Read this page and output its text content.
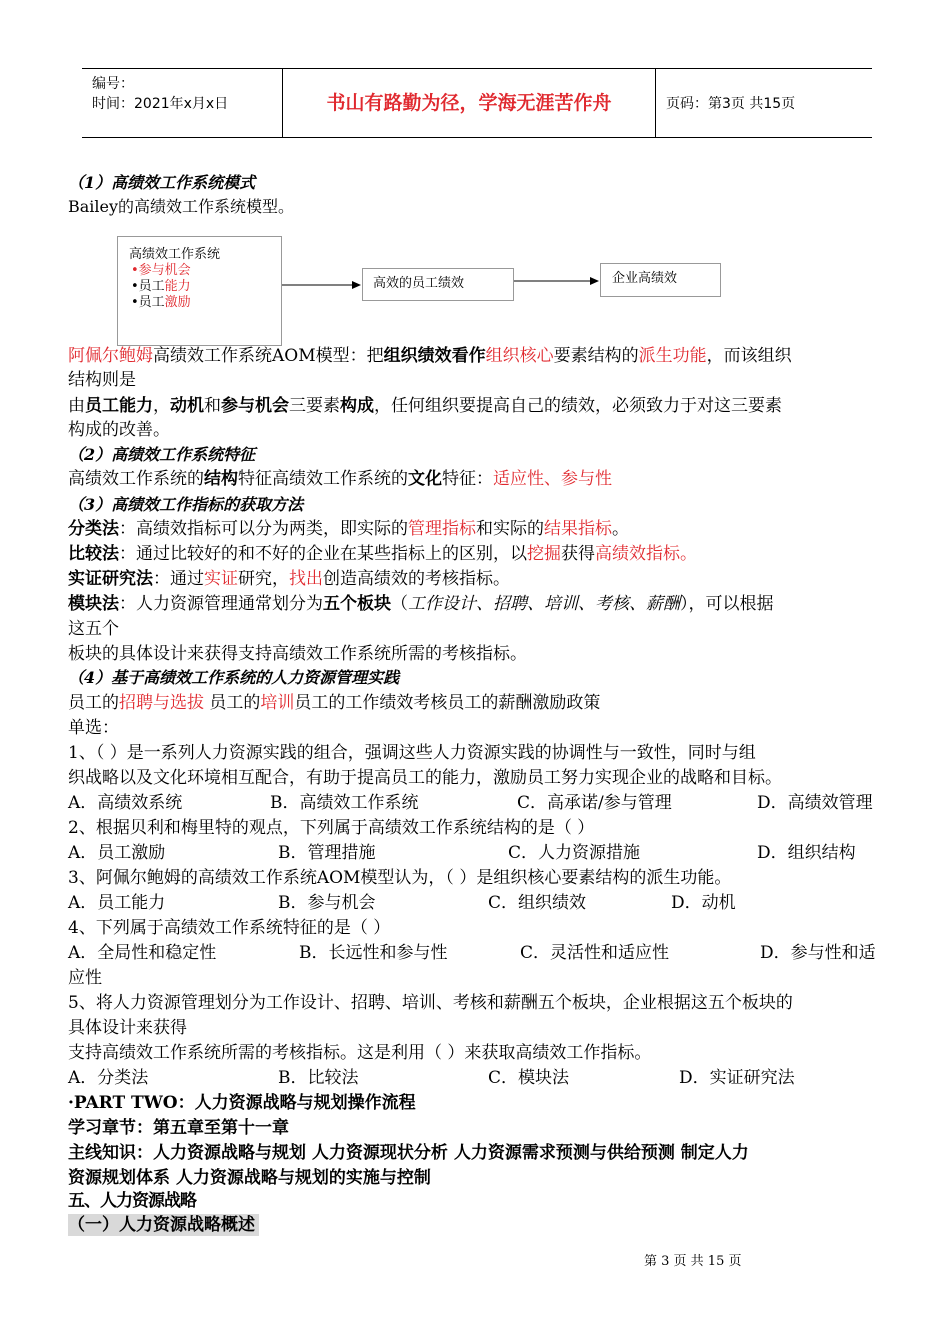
编号：
时间：2021年x月x日	书山有路勤为径，学海无涯苦作舟	页码：第3页 共15页
（1）高绩效工作系统模式
Bailey的高绩效工作系统模型。
高绩效工作系统
•参与机会
•员工能力
•员工激励
高效的员工绩效	企业高绩效
阿佩尔鲍姆高绩效工作系统AOM模型：把组织绩效看作组织核心要素结构的派生功能，而该组织
结构则是
由员工能力，动机和参与机会三要素构成，任何组织要提高自己的绩效，必须致力于对这三要素
构成的改善。
（2）高绩效工作系统特征
高绩效工作系统的结构特征高绩效工作系统的文化特征：适应性、参与性
（3）高绩效工作指标的获取方法
分类法：高绩效指标可以分为两类，即实际的管理指标和实际的结果指标。
比较法：通过比较好的和不好的企业在某些指标上的区别，以挖掘获得高绩效指标。
实证研究法：通过实证研究，找出创造高绩效的考核指标。
模块法：人力资源管理通常划分为五个板块（工作设计、招聘、培训、考核、薪酬），可以根据
这五个
板块的具体设计来获得支持高绩效工作系统所需的考核指标。
（4）基于高绩效工作系统的人力资源管理实践
员工的招聘与选拔 员工的培训员工的工作绩效考核员工的薪酬激励政策
单选：
1、（ ）是一系列人力资源实践的组合，强调这些人力资源实践的协调性与一致性，同时与组
织战略以及文化环境相互配合，有助于提高员工的能力，激励员工努力实现企业的战略和目标。
A．高绩效系统	B．高绩效工作系统	C．高承诺/参与管理	D．高绩效管理
2、根据贝利和梅里特的观点，下列属于高绩效工作系统结构的是（ ）
A．员工激励	B．管理措施	C．人力资源措施	D．组织结构
3、阿佩尔鲍姆的高绩效工作系统AOM模型认为，（ ）是组织核心要素结构的派生功能。
A．员工能力	B．参与机会	C．组织绩效	D．动机
4、下列属于高绩效工作系统特征的是（ ）
A．全局性和稳定性	B．长远性和参与性	C．灵活性和适应性	D．参与性和适
应性
5、将人力资源管理划分为工作设计、招聘、培训、考核和薪酬五个板块，企业根据这五个板块的
具体设计来获得
支持高绩效工作系统所需的考核指标。这是利用（ ）来获取高绩效工作指标。
A．分类法	B．比较法	C．模块法	D．实证研究法
·PART TWO：人力资源战略与规划操作流程
学习章节：第五章至第十一章
主线知识：人力资源战略与规划 人力资源现状分析 人力资源需求预测与供给预测 制定人力
资源规划体系 人力资源战略与规划的实施与控制
五、人力资源战略
（一）人力资源战略概述
第 3 页 共 15 页
